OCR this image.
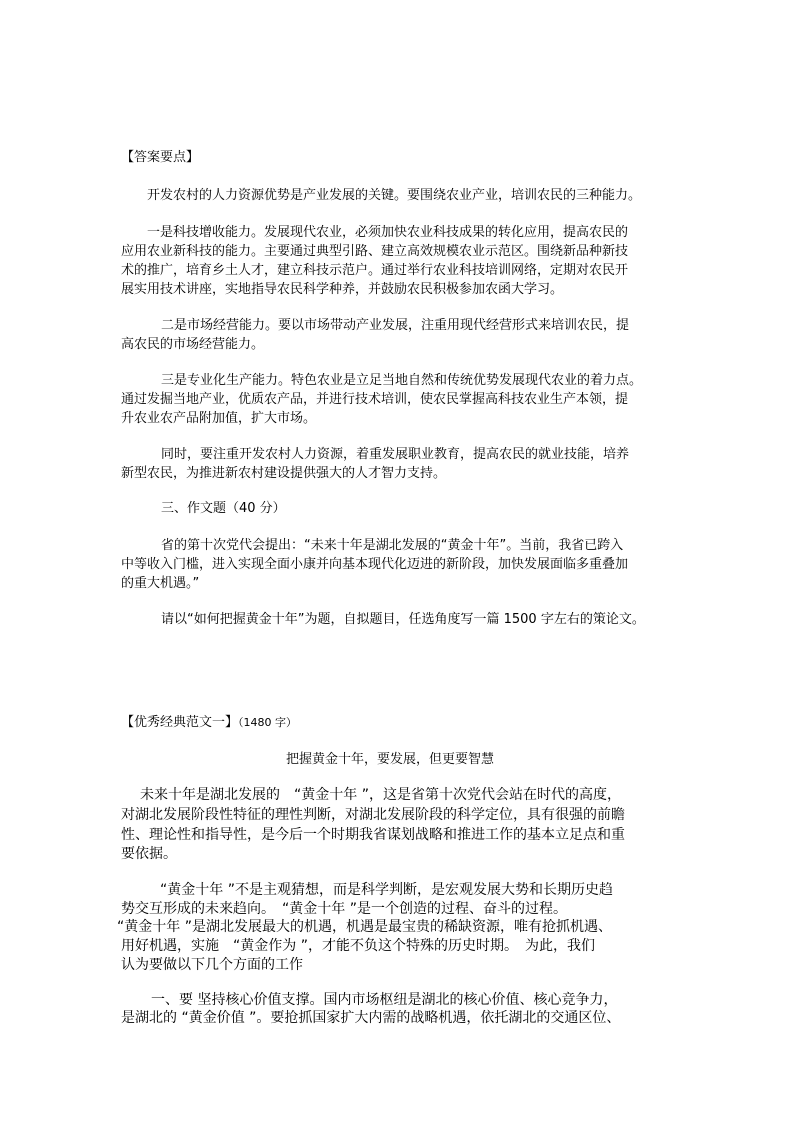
【答案要点】
开发农村的人力资源优势是产业发展的关键。要围绕农业产业，培训农民的三种能力。
一是科技增收能力。发展现代农业，必须加快农业科技成果的转化应用，提高农民的
应用农业新科技的能力。主要通过典型引路、建立高效规模农业示范区。围绕新品种新技
术的推广，培育乡土人才，建立科技示范户。通过举行农业科技培训网络，定期对农民开
展实用技术讲座，实地指导农民科学种养，并鼓励农民积极参加农函大学习。
二是市场经营能力。要以市场带动产业发展，注重用现代经营形式来培训农民，提
高农民的市场经营能力。
三是专业化生产能力。特色农业是立足当地自然和传统优势发展现代农业的着力点。
通过发掘当地产业，优质农产品，并进行技术培训，使农民掌握高科技农业生产本领，提
升农业农产品附加值，扩大市场。
同时，要注重开发农村人力资源，着重发展职业教育，提高农民的就业技能，培养
新型农民，为推进新农村建设提供强大的人才智力支持。
三、作文题（40 分）
省的第十次党代会提出：“未来十年是湖北发展的“黄金十年”。当前，我省已跨入
中等收入门槛，进入实现全面小康并向基本现代化迈进的新阶段，加快发展面临多重叠加
的重大机遇。”
请以“如何把握黄金十年”为题，自拟题目，任选角度写一篇 1500 字左右的策论文。
【优秀经典范文一】（1480 字）
把握黄金十年，要发展，但更要智慧
未来十年是湖北发展的　“黄金十年 ”，这是省第十次党代会站在时代的高度，
对湖北发展阶段性特征的理性判断，对湖北发展阶段的科学定位，具有很强的前瞻
性、理论性和指导性，是今后一个时期我省谋划战略和推进工作的基本立足点和重
要依据。
“黄金十年 ”不是主观猜想，而是科学判断，是宏观发展大势和长期历史趋
势交互形成的未来趋向。　“黄金十年 ”是一个创造的过程、奋斗的过程。
“黄金十年 ”是湖北发展最大的机遇，机遇是最宝贵的稀缺资源，唯有抢抓机遇、
用好机遇，实施　“黄金作为 ”，才能不负这个特殊的历史时期。　为此，我们
认为要做以下几个方面的工作
一、要 坚持核心价值支撑。国内市场枢纽是湖北的核心价值、核心竞争力，
是湖北的 “黄金价值 ”。要抢抓国家扩大内需的战略机遇，依托湖北的交通区位、
